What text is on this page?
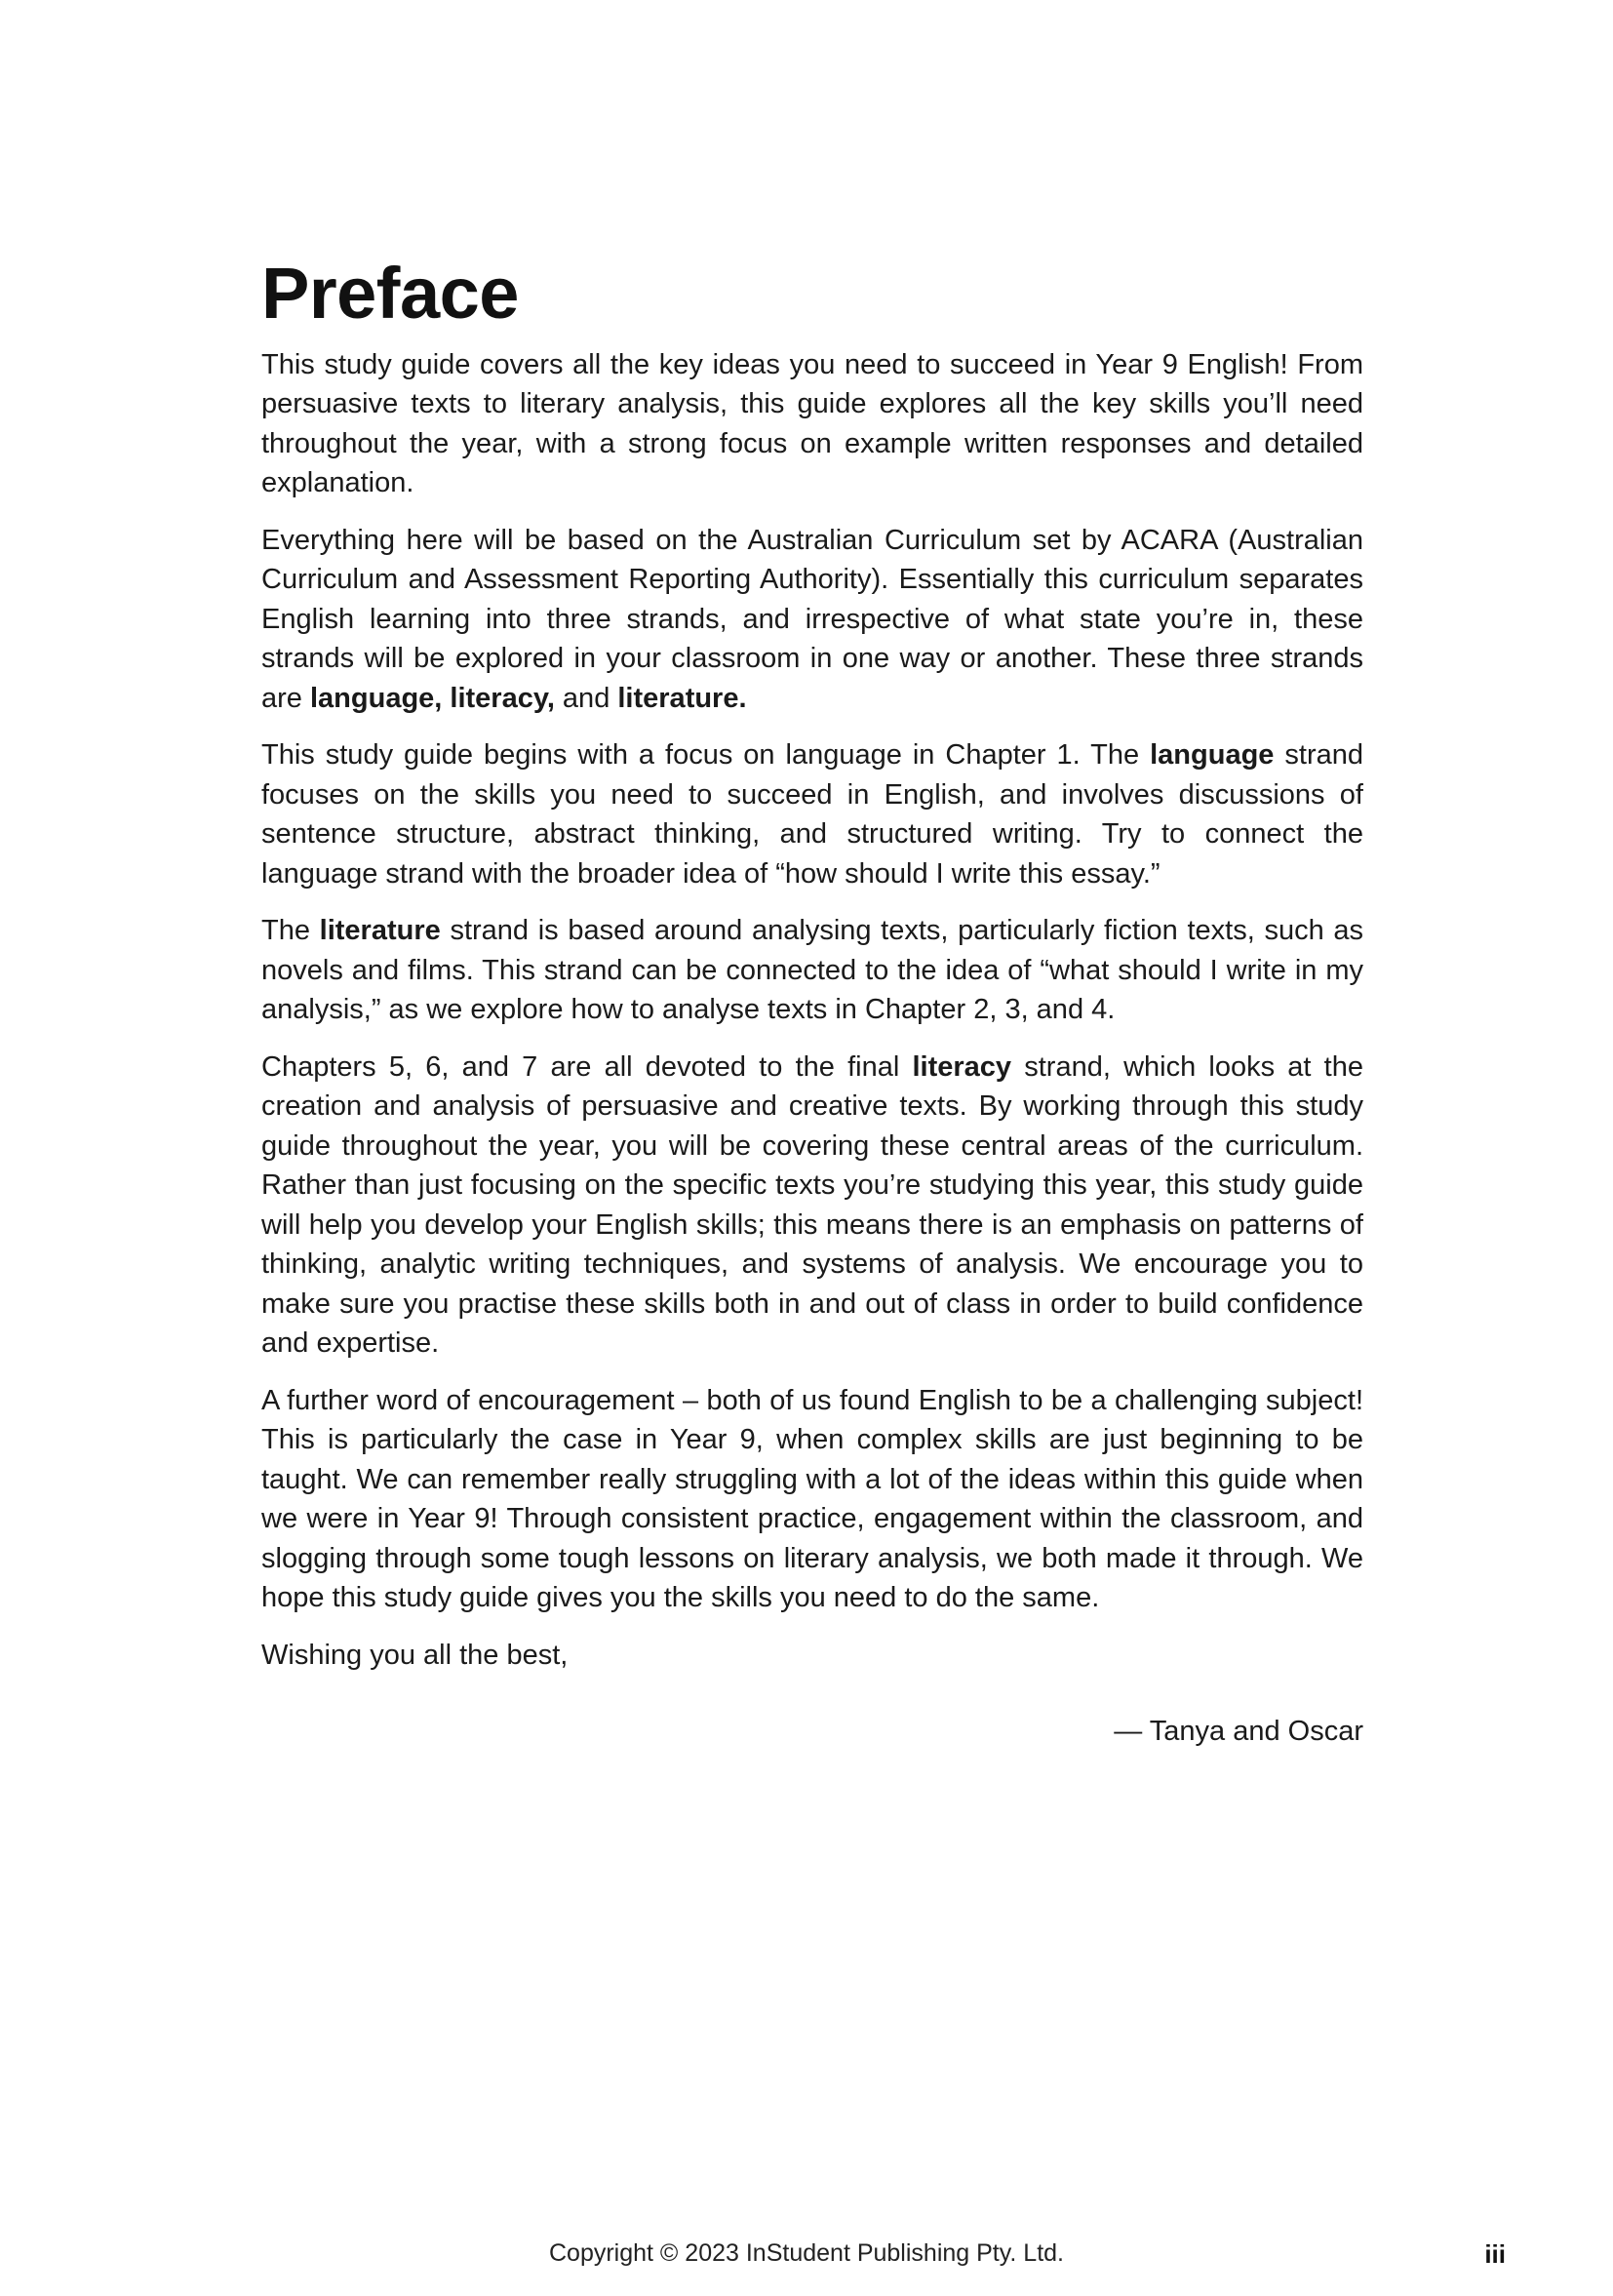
Preface

This study guide covers all the key ideas you need to succeed in Year 9 English! From persuasive texts to literary analysis, this guide explores all the key skills you’ll need throughout the year, with a strong focus on example written responses and detailed explanation.

Everything here will be based on the Australian Curriculum set by ACARA (Australian Curriculum and Assessment Reporting Authority). Essentially this curriculum separates English learning into three strands, and irrespective of what state you’re in, these strands will be explored in your classroom in one way or another. These three strands are language, literacy, and literature.

This study guide begins with a focus on language in Chapter 1. The language strand focuses on the skills you need to succeed in English, and involves discussions of sentence structure, abstract thinking, and structured writing. Try to connect the language strand with the broader idea of “how should I write this essay.”

The literature strand is based around analysing texts, particularly fiction texts, such as novels and films. This strand can be connected to the idea of “what should I write in my analysis,” as we explore how to analyse texts in Chapter 2, 3, and 4.

Chapters 5, 6, and 7 are all devoted to the final literacy strand, which looks at the creation and analysis of persuasive and creative texts. By working through this study guide throughout the year, you will be covering these central areas of the curriculum. Rather than just focusing on the specific texts you’re studying this year, this study guide will help you develop your English skills; this means there is an emphasis on patterns of thinking, analytic writing techniques, and systems of analysis. We encourage you to make sure you practise these skills both in and out of class in order to build confidence and expertise.

A further word of encouragement – both of us found English to be a challenging subject! This is particularly the case in Year 9, when complex skills are just beginning to be taught. We can remember really struggling with a lot of the ideas within this guide when we were in Year 9! Through consistent practice, engagement within the classroom, and slogging through some tough lessons on literary analysis, we both made it through. We hope this study guide gives you the skills you need to do the same.

Wishing you all the best,

— Tanya and Oscar
Copyright © 2023 InStudent Publishing Pty. Ltd.	iii
